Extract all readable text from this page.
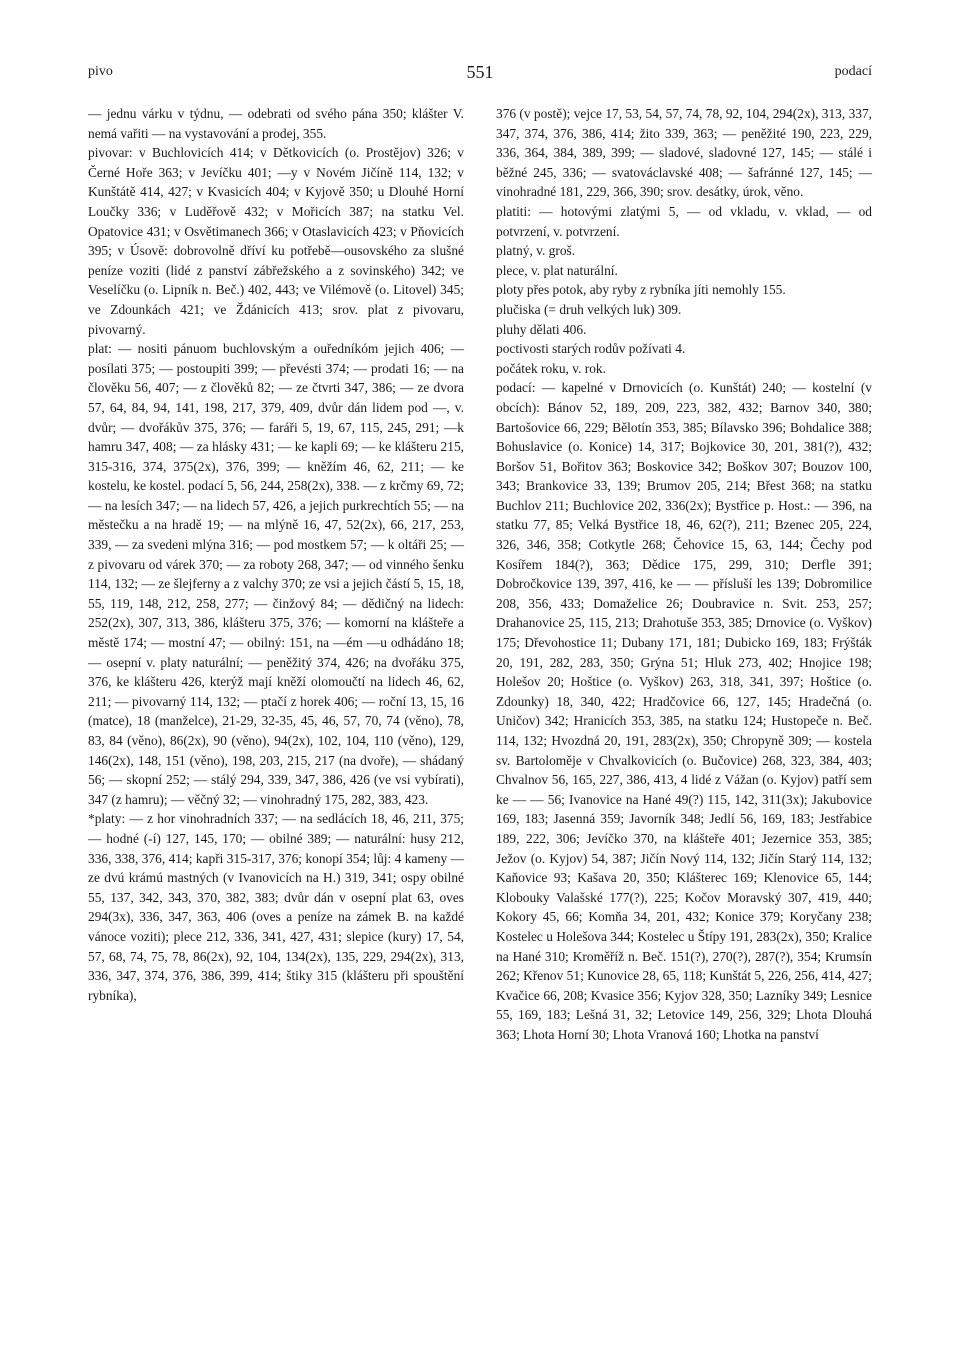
pivo	551	podací

— jednu várku v týdnu, — odebrati od svého pána 350; klášter V. nemá vařiti — na vystavování a prodej, 355.

pivovar: v Buchlovicích 414; v Dětkovicích (o. Prostějov) 326; v Černé Hoře 363; v Jevíčku 401; —y v Novém Jičíně 114, 132; v Kunštátě 414, 427; v Kvasicích 404; v Kyjově 350; u Dlouhé Horní Loučky 336; v Luděřově 432; v Mořicích 387; na statku Vel. Opatovice 431; v Osvětimanech 366; v Otaslavicích 423; v Pňovicích 395; v Úsově: dobrovolně dříví ku potřebě—ousovského za slušné peníze voziti (lidé z panství zábřežského a z sovinského) 342; ve Veselíčku (o. Lipník n. Beč.) 402, 443; ve Vilémově (o. Litovel) 345; ve Zdounkách 421; ve Ždánicích 413; srov. plat z pivovaru, pivovarný.

plat: — nositi pánuom buchlovským a ouředníkóm jejich 406; — posílati 375; — postoupiti 399; — převésti 374; — prodati 16; — na člověku 56, 407; — z člověků 82; — ze čtvrti 347, 386; — ze dvora 57, 64, 84, 94, 141, 198, 217, 379, 409, dvůr dán lidem pod —, v. dvůr; — dvořákův 375, 376; — faráři 5, 19, 67, 115, 245, 291; —k hamru 347, 408; — za hlásky 431; — ke kapli 69; — ke klášteru 215, 315-316, 374, 375(2x), 376, 399; — kněžím 46, 62, 211; — ke kostelu, ke kostel. podací 5, 56, 244, 258(2x), 338. — z krčmy 69, 72; — na lesích 347; — na lidech 57, 426, a jejich purkrechtích 55; — na městečku a na hradě 19; — na mlýně 16, 47, 52(2x), 66, 217, 253, 339, — za svedeni mlýna 316; — pod mostkem 57; — k oltáři 25; — z pivovaru od várek 370; — za roboty 268, 347; — od vinného šenku 114, 132; — ze šlejferny a z valchy 370; ze vsi a jejich částí 5, 15, 18, 55, 119, 148, 212, 258, 277; — činžový 84; — dědičný na lidech: 252(2x), 307, 313, 386, klášteru 375, 376; — komorní na klášteře a městě 174; — mostní 47; — obilný: 151, na —ém —u odhádáno 18; — osepní v. platy naturální; — peněžitý 374, 426; na dvořáku 375, 376, ke klášteru 426, kterýž mají kněží olomoučtí na lidech 46, 62, 211; — pivovarný 114, 132; — ptačí z horek 406; — roční 13, 15, 16 (matce), 18 (manželce), 21-29, 32-35, 45, 46, 57, 70, 74 (věno), 78, 83, 84 (věno), 86(2x), 90 (věno), 94(2x), 102, 104, 110 (věno), 129, 146(2x), 148, 151 (věno), 198, 203, 215, 217 (na dvoře), — shádaný 56; — skopní 252; — stálý 294, 339, 347, 386, 426 (ve vsi vybírati), 347 (z hamru); — věčný 32; — vinohradný 175, 282, 383, 423.

*platy: — z hor vinohradních 337; — na sedlácích 18, 46, 211, 375; — hodné (-í) 127, 145, 170; — obilné 389; — naturální: husy 212, 336, 338, 376, 414; kapři 315-317, 376; konopí 354; lůj: 4 kameny — ze dvú krámú mastných (v Ivanovicích na H.) 319, 341; ospy obilné 55, 137, 342, 343, 370, 382, 383; dvůr dán v osepní plat 63, oves 294(3x), 336, 347, 363, 406 (oves a peníze na zámek B. na každé vánoce voziti); plece 212, 336, 341, 427, 431; slepice (kury) 17, 54, 57, 68, 74, 75, 78, 86(2x), 92, 104, 134(2x), 135, 229, 294(2x), 313, 336, 347, 374, 376, 386, 399, 414; štiky 315 (klášteru při spouštění rybníka),

376 (v postě); vejce 17, 53, 54, 57, 74, 78, 92, 104, 294(2x), 313, 337, 347, 374, 376, 386, 414; žito 339, 363; — peněžité 190, 223, 229, 336, 364, 384, 389, 399; — sladové, sladovné 127, 145; — stálé i běžné 245, 336; — svatováclavské 408; — šafránné 127, 145; — vinohradné 181, 229, 366, 390; srov. desátky, úrok, věno.

platiti: — hotovými zlatými 5, — od vkladu, v. vklad, — od potvrzení, v. potvrzení.

platný, v. groš.

plece, v. plat naturální.

ploty přes potok, aby ryby z rybníka jíti nemohly 155.

plučiska (= druh velkých luk) 309.

pluhy dělati 406.

poctivosti starých rodův požívati 4.

počátek roku, v. rok.

podací: — kapelné v Drnovicích (o. Kunštát) 240; — kostelní (v obcích): Bánov 52, 189, 209, 223, 382, 432; Barnov 340, 380; Bartošovice 66, 229; Bělotín 353, 385; Bílavsko 396; Bohdalice 388; Bohuslavice (o. Konice) 14, 317; Bojkovice 30, 201, 381(?), 432; Boršov 51, Bořitov 363; Boskovice 342; Boškov 307; Bouzov 100, 343; Brankovice 33, 139; Brumov 205, 214; Břest 368; na statku Buchlov 211; Buchlovice 202, 336(2x); Bystřice p. Host.: — 396, na statku 77, 85; Velká Bystřice 18, 46, 62(?), 211; Bzenec 205, 224, 326, 346, 358; Cotkytle 268; Čehovice 15, 63, 144; Čechy pod Kosířem 184(?), 363; Dědice 175, 299, 310; Derfle 391; Dobročkovice 139, 397, 416, ke — — přísluší les 139; Dobromilice 208, 356, 433; Domaželice 26; Doubravice n. Svit. 253, 257; Drahanovice 25, 115, 213; Drahotuše 353, 385; Drnovice (o. Vyškov) 175; Dřevohostice 11; Dubany 171, 181; Dubicko 169, 183; Frýšták 20, 191, 282, 283, 350; Grýna 51; Hluk 273, 402; Hnojice 198; Holešov 20; Hoštice (o. Vyškov) 263, 318, 341, 397; Hoštice (o. Zdounky) 18, 340, 422; Hradčovice 66, 127, 145; Hradečná (o. Uničov) 342; Hranicích 353, 385, na statku 124; Hustopeče n. Beč. 114, 132; Hvozdná 20, 191, 283(2x), 350; Chropyně 309; — kostela sv. Bartoloměje v Chvalkovicích (o. Bučovice) 268, 323, 384, 403; Chvalnov 56, 165, 227, 386, 413, 4 lidé z Vážan (o. Kyjov) patří sem ke — — 56; Ivanovice na Hané 49(?) 115, 142, 311(3x); Jakubovice 169, 183; Jasenná 359; Javorník 348; Jedlí 56, 169, 183; Jestřabice 189, 222, 306; Jevíčko 370, na klášteře 401; Jezernice 353, 385; Ježov (o. Kyjov) 54, 387; Jičín Nový 114, 132; Jičín Starý 114, 132; Kaňovice 93; Kašava 20, 350; Klášterec 169; Klenovice 65, 144; Klobouky Valašské 177(?), 225; Kočov Moravský 307, 419, 440; Kokory 45, 66; Komňa 34, 201, 432; Konice 379; Koryčany 238; Kostelec u Holešova 344; Kostelec u Štípy 191, 283(2x), 350; Kralice na Hané 310; Kroměříž n. Beč. 151(?), 270(?), 287(?), 354; Krumsín 262; Křenov 51; Kunovice 28, 65, 118; Kunštát 5, 226, 256, 414, 427; Kvačice 66, 208; Kvasice 356; Kyjov 328, 350; Lazníky 349; Lesnice 55, 169, 183; Lešná 31, 32; Letovice 149, 256, 329; Lhota Dlouhá 363; Lhota Horní 30; Lhota Vranová 160; Lhotka na panství
